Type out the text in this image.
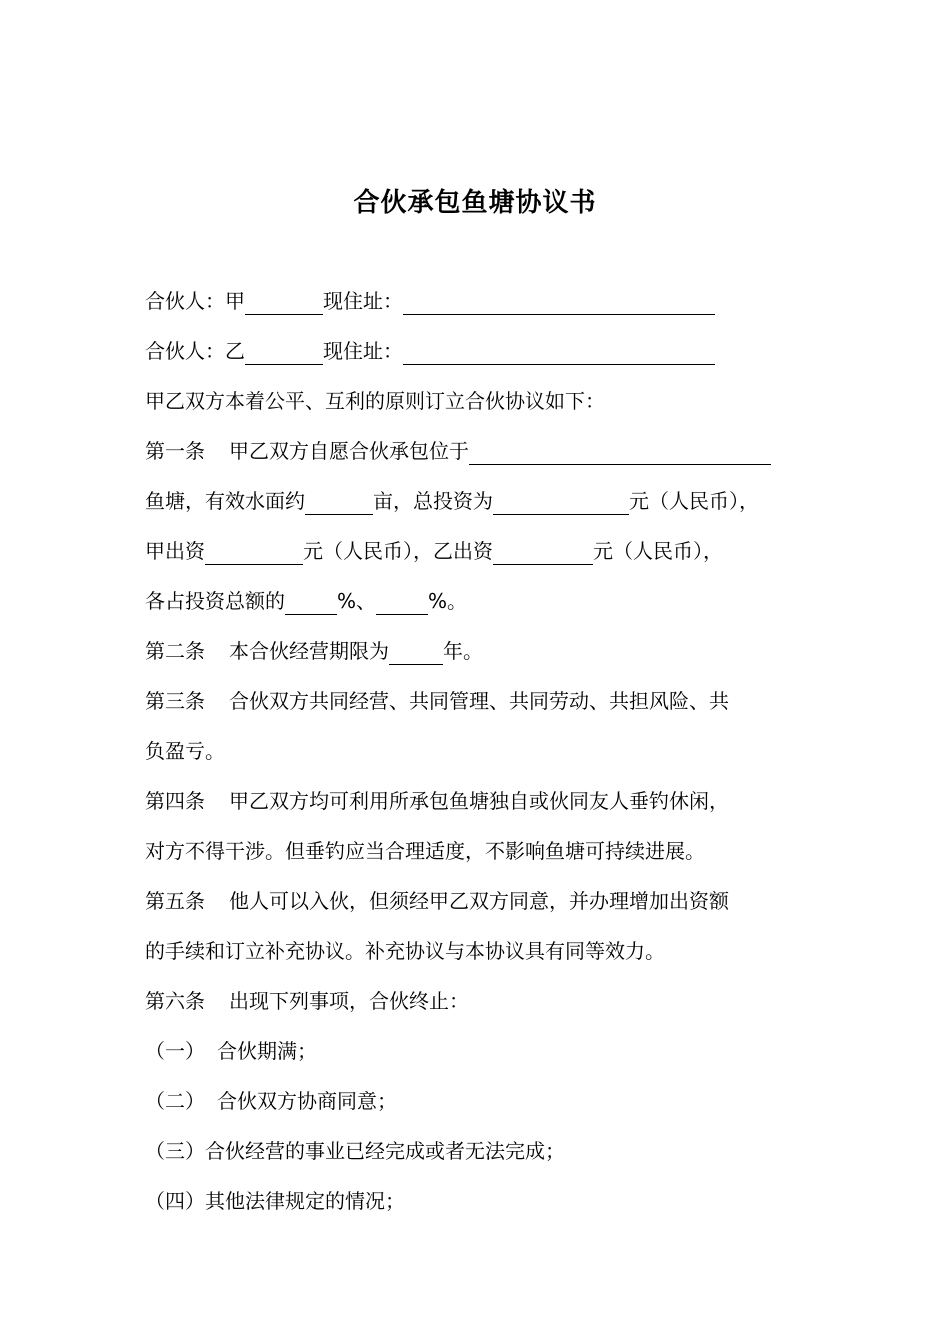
合伙承包鱼塘协议书
合伙人：甲	现住址：
合伙人：乙	现住址：
甲乙双方本着公平、互利的原则订立合伙协议如下：
第一条 甲乙双方自愿合伙承包位于
鱼塘，有效水面约	亩，总投资为	元（人民币），
甲出资	元（人民币），乙出资	元（人民币），
各占投资总额的	%、	%。
第二条 本合伙经营期限为	年。
第三条 合伙双方共同经营、共同管理、共同劳动、共担风险、共
负盈亏。
第四条 甲乙双方均可利用所承包鱼塘独自或伙同友人垂钓休闲，
对方不得干涉。但垂钓应当合理适度，不影响鱼塘可持续进展。
第五条 他人可以入伙，但须经甲乙双方同意，并办理增加出资额
的手续和订立补充协议。补充协议与本协议具有同等效力。
第六条 出现下列事项，合伙终止：
（一） 合伙期满；
（二） 合伙双方协商同意；
（三）合伙经营的事业已经完成或者无法完成；
（四）其他法律规定的情况；
